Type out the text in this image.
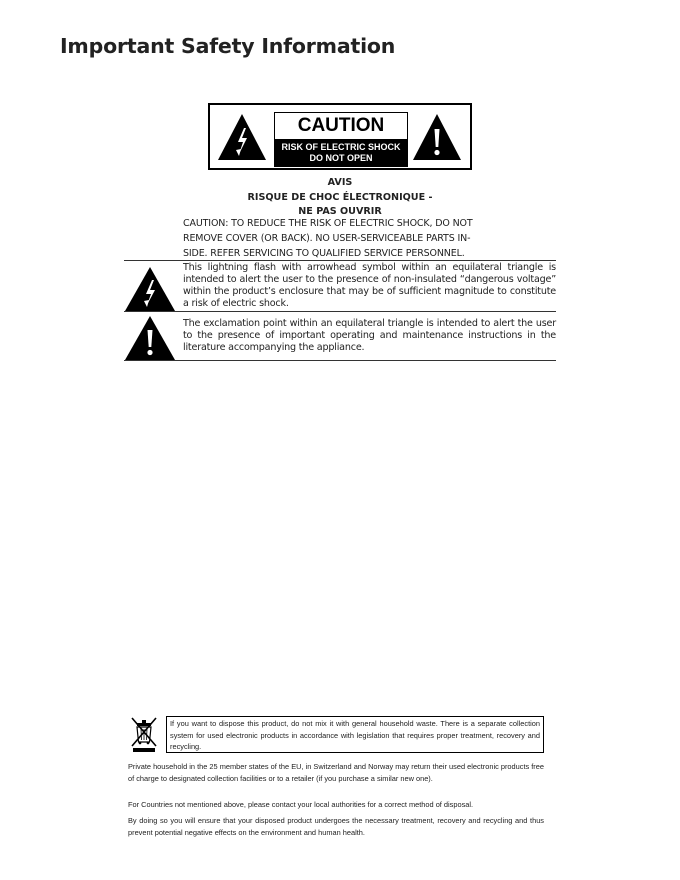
Important Safety Information
CAUTION
RISK OF ELECTRIC SHOCK
DO NOT OPEN
AVIS
RISQUE DE CHOC ÉLECTRONIQUE -
NE PAS OUVRIR
CAUTION: TO REDUCE THE RISK OF ELECTRIC SHOCK, DO NOT
REMOVE COVER (OR BACK). NO USER-SERVICEABLE PARTS IN-
SIDE. REFER SERVICING TO QUALIFIED SERVICE PERSONNEL.
This lightning flash with arrowhead symbol within an equilateral triangle is intended to alert the user to the presence of non-insulated “dangerous voltage” within the product’s enclosure that may be of sufficient magnitude to constitute a risk of electric shock.
The exclamation point within an equilateral triangle is intended to alert the user to the presence of important operating and maintenance instructions in the literature accompanying the appliance.
If you want to dispose this product, do not mix it with general household waste. There is a separate collection system for used electronic products in accordance with legislation that requires proper treatment, recovery and recycling.

Private household in the 25 member states of the EU, in Switzerland and Norway may return their used electronic products free of charge to designated collection facilities or to a retailer (if you purchase a similar new one).

For Countries not mentioned above, please contact your local authorities for a correct method of disposal.

By doing so you will ensure that your disposed product undergoes the necessary treatment, recovery and recycling and thus prevent potential negative effects on the environment and human health.
